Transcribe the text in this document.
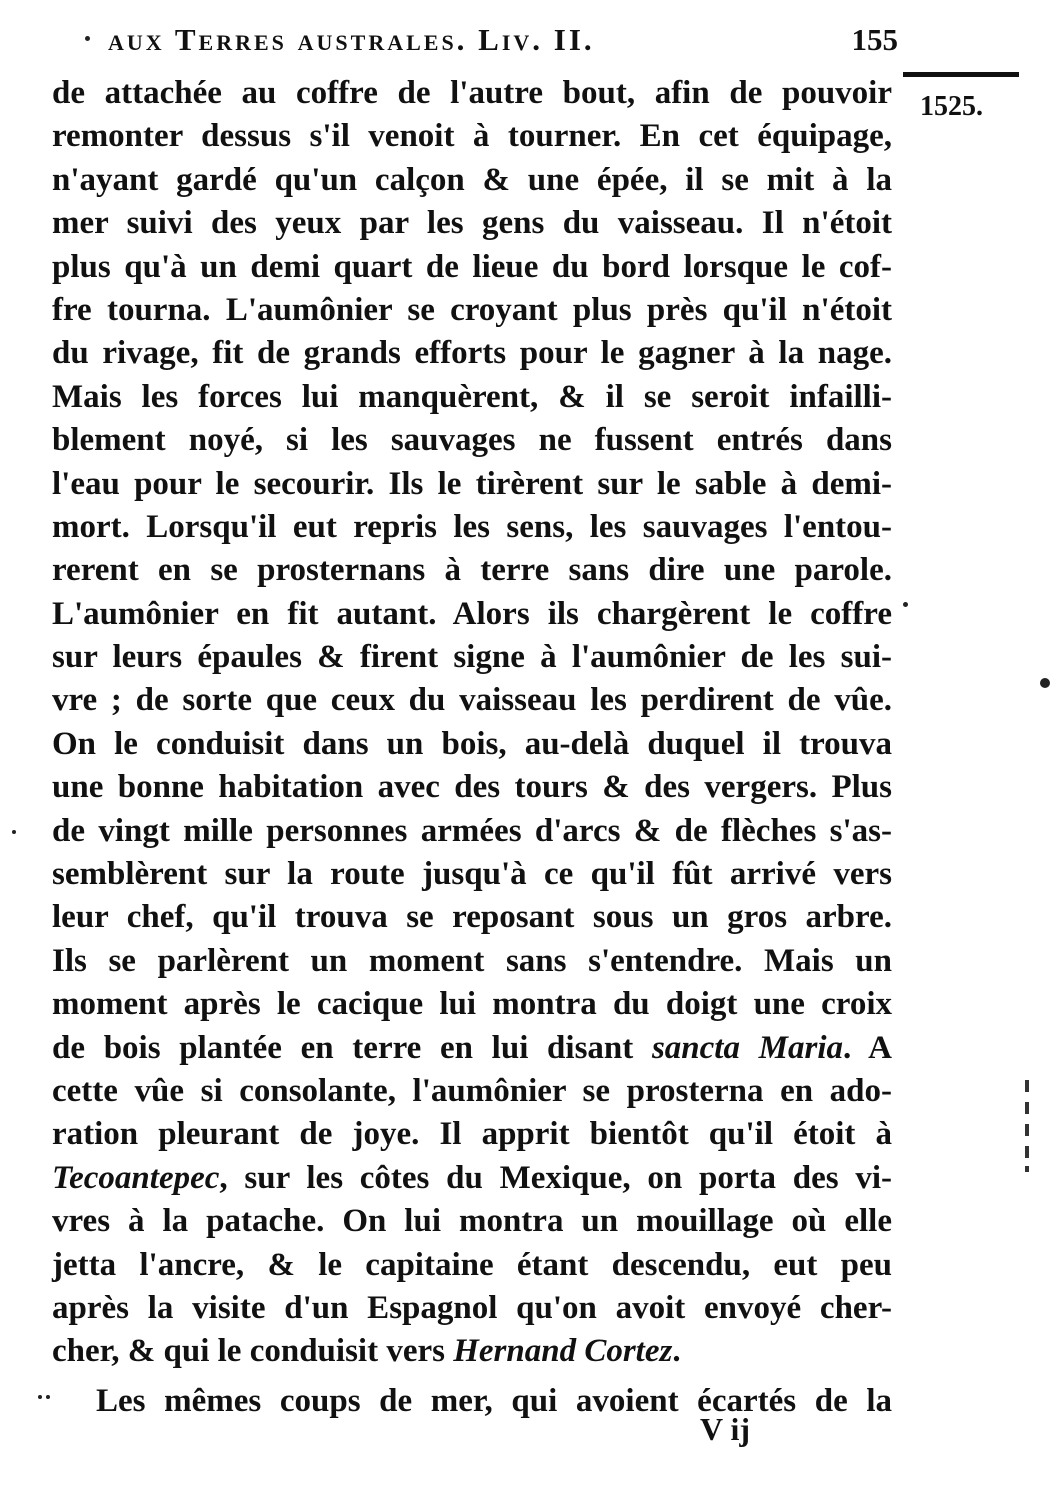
aux Terres australes. Liv. II.	155
1525.
de attachée au coffre de l'autre bout, afin de pouvoir
remonter dessus s'il venoit à tourner. En cet équipage,
n'ayant gardé qu'un calçon & une épée, il se mit à la
mer suivi des yeux par les gens du vaisseau. Il n'étoit
plus qu'à un demi quart de lieue du bord lorsque le cof-
fre tourna. L'aumônier se croyant plus près qu'il n'étoit
du rivage, fit de grands efforts pour le gagner à la nage.
Mais les forces lui manquèrent, & il se seroit infailli-
blement noyé, si les sauvages ne fussent entrés dans
l'eau pour le secourir. Ils le tirèrent sur le sable à demi-
mort. Lorsqu'il eut repris les sens, les sauvages l'entou-
rerent en se prosternans à terre sans dire une parole.
L'aumônier en fit autant. Alors ils chargèrent le coffre
sur leurs épaules & firent signe à l'aumônier de les sui-
vre ; de sorte que ceux du vaisseau les perdirent de vûe.
On le conduisit dans un bois, au-delà duquel il trouva
une bonne habitation avec des tours & des vergers. Plus
de vingt mille personnes armées d'arcs & de flèches s'as-
semblèrent sur la route jusqu'à ce qu'il fût arrivé vers
leur chef, qu'il trouva se reposant sous un gros arbre.
Ils se parlèrent un moment sans s'entendre. Mais un
moment après le cacique lui montra du doigt une croix
de bois plantée en terre en lui disant sancta Maria. A
cette vûe si consolante, l'aumônier se prosterna en ado-
ration pleurant de joye. Il apprit bientôt qu'il étoit à
Tecoantepec, sur les côtes du Mexique, on porta des vi-
vres à la patache. On lui montra un mouillage où elle
jetta l'ancre, & le capitaine étant descendu, eut peu
après la visite d'un Espagnol qu'on avoit envoyé cher-
cher, & qui le conduisit vers Hernand Cortez.
Les mêmes coups de mer, qui avoient écartés de la
V ij
